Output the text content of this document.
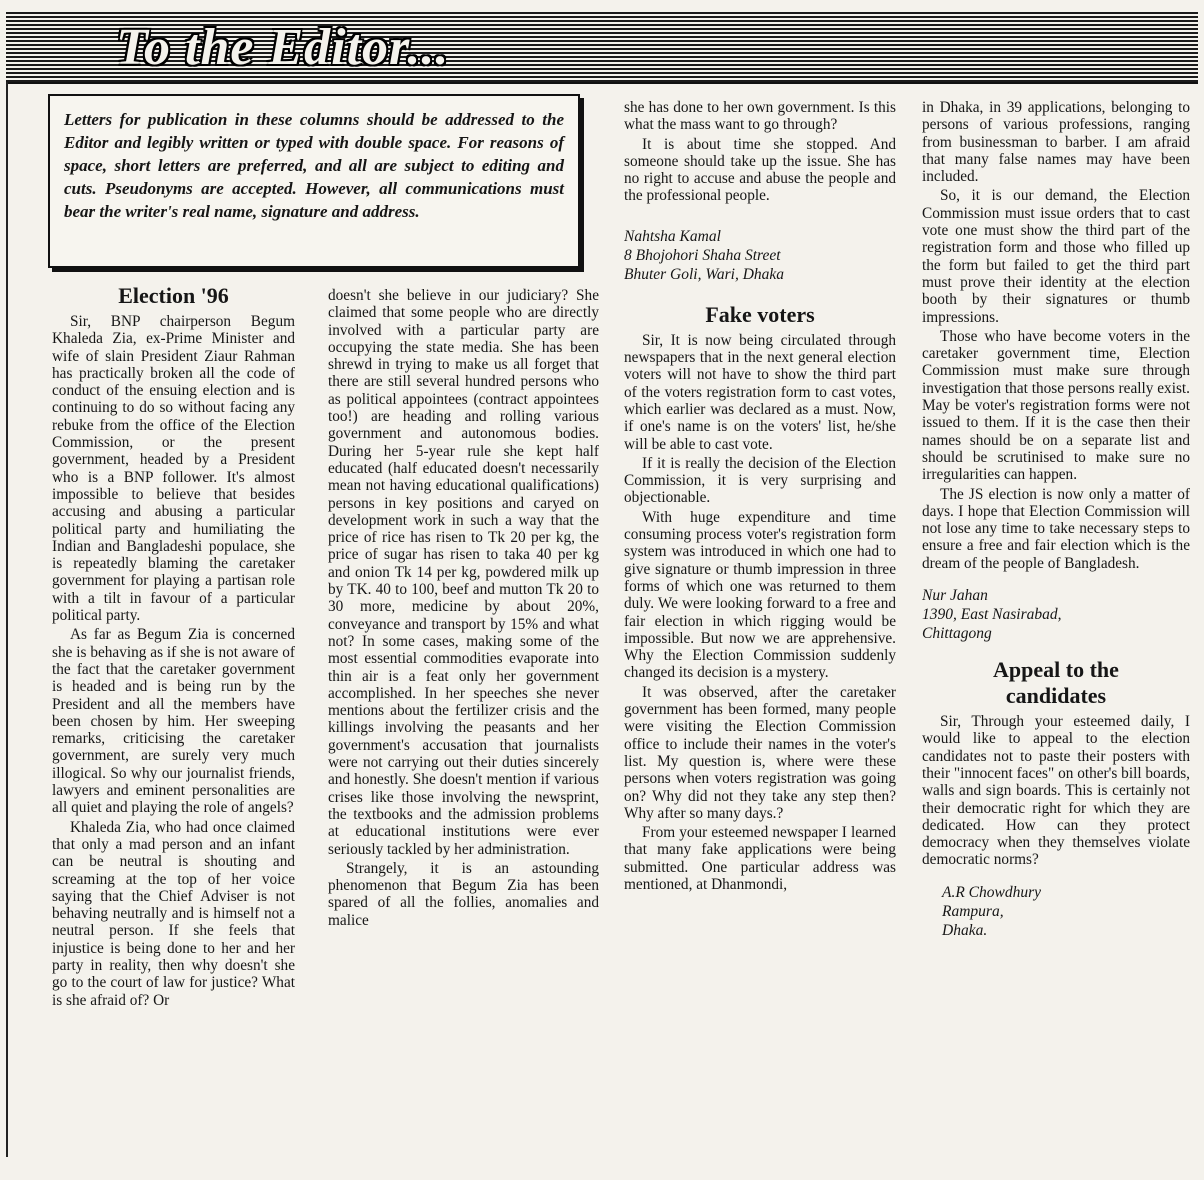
To the Editor...
Letters for publication in these columns should be addressed to the Editor and legibly written or typed with double space. For reasons of space, short letters are preferred, and all are subject to editing and cuts. Pseudonyms are accepted. However, all communications must bear the writer's real name, signature and address.
Election '96

Sir, BNP chairperson Begum Khaleda Zia, ex-Prime Minister and wife of slain President Ziaur Rahman has practically broken all the code of conduct of the ensuing election and is continuing to do so without facing any rebuke from the office of the Election Commission, or the present government, headed by a President who is a BNP follower. It's almost impossible to believe that besides accusing and abusing a particular political party and humiliating the Indian and Bangladeshi populace, she is repeatedly blaming the caretaker government for playing a partisan role with a tilt in favour of a particular political party.

As far as Begum Zia is concerned she is behaving as if she is not aware of the fact that the caretaker government is headed and is being run by the President and all the members have been chosen by him. Her sweeping remarks, criticising the caretaker government, are surely very much illogical. So why our journalist friends, lawyers and eminent personalities are all quiet and playing the role of angels?

Khaleda Zia, who had once claimed that only a mad person and an infant can be neutral is shouting and screaming at the top of her voice saying that the Chief Adviser is not behaving neutrally and is himself not a neutral person. If she feels that injustice is being done to her and her party in reality, then why doesn't she go to the court of law for justice? What is she afraid of? Or

doesn't she believe in our judiciary? She claimed that some people who are directly involved with a particular party are occupying the state media. She has been shrewd in trying to make us all forget that there are still several hundred persons who as political appointees (contract appointees too!) are heading and rolling various government and autonomous bodies. During her 5-year rule she kept half educated (half educated doesn't necessarily mean not having educational qualifications) persons in key positions and caryed on development work in such a way that the price of rice has risen to Tk 20 per kg, the price of sugar has risen to taka 40 per kg and onion Tk 14 per kg, powdered milk up by TK. 40 to 100, beef and mutton Tk 20 to 30 more, medicine by about 20%, conveyance and transport by 15% and what not? In some cases, making some of the most essential commodities evaporate into thin air is a feat only her government accomplished. In her speeches she never mentions about the fertilizer crisis and the killings involving the peasants and her government's accusation that journalists were not carrying out their duties sincerely and honestly. She doesn't mention if various crises like those involving the newsprint, the textbooks and the admission problems at educational institutions were ever seriously tackled by her administration.

Strangely, it is an astounding phenomenon that Begum Zia has been spared of all the follies, anomalies and malice

she has done to her own government. Is this what the mass want to go through?

It is about time she stopped. And someone should take up the issue. She has no right to accuse and abuse the people and the professional people.

Nahtsha Kamal
8 Bhojohori Shaha Street
Bhuter Goli, Wari, Dhaka
Fake voters

Sir, It is now being circulated through newspapers that in the next general election voters will not have to show the third part of the voters registration form to cast votes, which earlier was declared as a must. Now, if one's name is on the voters' list, he/she will be able to cast vote.

If it is really the decision of the Election Commission, it is very surprising and objectionable.

With huge expenditure and time consuming process voter's registration form system was introduced in which one had to give signature or thumb impression in three forms of which one was returned to them duly. We were looking forward to a free and fair election in which rigging would be impossible. But now we are apprehensive. Why the Election Commission suddenly changed its decision is a mystery.

It was observed, after the caretaker government has been formed, many people were visiting the Election Commission office to include their names in the voter's list. My question is, where were these persons when voters registration was going on? Why did not they take any step then? Why after so many days.?

From your esteemed newspaper I learned that many fake applications were being submitted. One particular address was mentioned, at Dhanmondi,

in Dhaka, in 39 applications, belonging to persons of various professions, ranging from businessman to barber. I am afraid that many false names may have been included.

So, it is our demand, the Election Commission must issue orders that to cast vote one must show the third part of the registration form and those who filled up the form but failed to get the third part must prove their identity at the election booth by their signatures or thumb impressions.

Those who have become voters in the caretaker government time, Election Commission must make sure through investigation that those persons really exist. May be voter's registration forms were not issued to them. If it is the case then their names should be on a separate list and should be scrutinised to make sure no irregularities can happen.

The JS election is now only a matter of days. I hope that Election Commission will not lose any time to take necessary steps to ensure a free and fair election which is the dream of the people of Bangladesh.

Nur Jahan
1390, East Nasirabad,
Chittagong
Appeal to the candidates

Sir, Through your esteemed daily, I would like to appeal to the election candidates not to paste their posters with their "innocent faces" on other's bill boards, walls and sign boards. This is certainly not their democratic right for which they are dedicated. How can they protect democracy when they themselves violate democratic norms?

A.R Chowdhury
Rampura,
Dhaka.
